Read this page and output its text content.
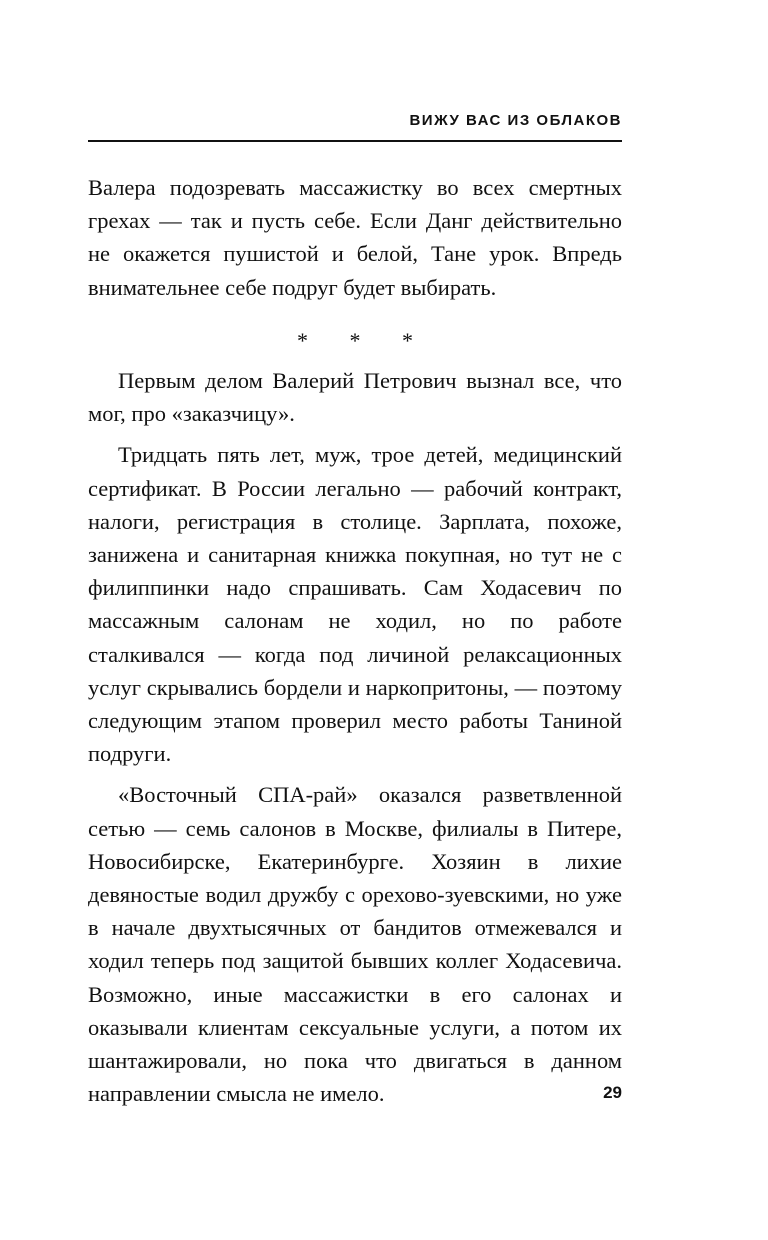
ВИЖУ ВАС ИЗ ОБЛАКОВ

Валера подозревать массажистку во всех смертных грехах — так и пусть себе. Если Данг действительно не окажется пушистой и белой, Тане урок. Впредь внимательнее себе подруг будет выбирать.

* * *

Первым делом Валерий Петрович вызнал все, что мог, про «заказчицу».

Тридцать пять лет, муж, трое детей, медицинский сертификат. В России легально — рабочий контракт, налоги, регистрация в столице. Зарплата, похоже, занижена и санитарная книжка покупная, но тут не с филиппинки надо спрашивать. Сам Ходасевич по массажным салонам не ходил, но по работе сталкивался — когда под личиной релаксационных услуг скрывались бордели и наркопритоны, — поэтому следующим этапом проверил место работы Таниной подруги.

«Восточный СПА-рай» оказался разветвленной сетью — семь салонов в Москве, филиалы в Питере, Новосибирске, Екатеринбурге. Хозяин в лихие девяностые водил дружбу с орехово-зуевскими, но уже в начале двухтысячных от бандитов отмежевался и ходил теперь под защитой бывших коллег Ходасевича. Возможно, иные массажистки в его салонах и оказывали клиентам сексуальные услуги, а потом их шантажировали, но пока что двигаться в данном направлении смысла не имело.	29
